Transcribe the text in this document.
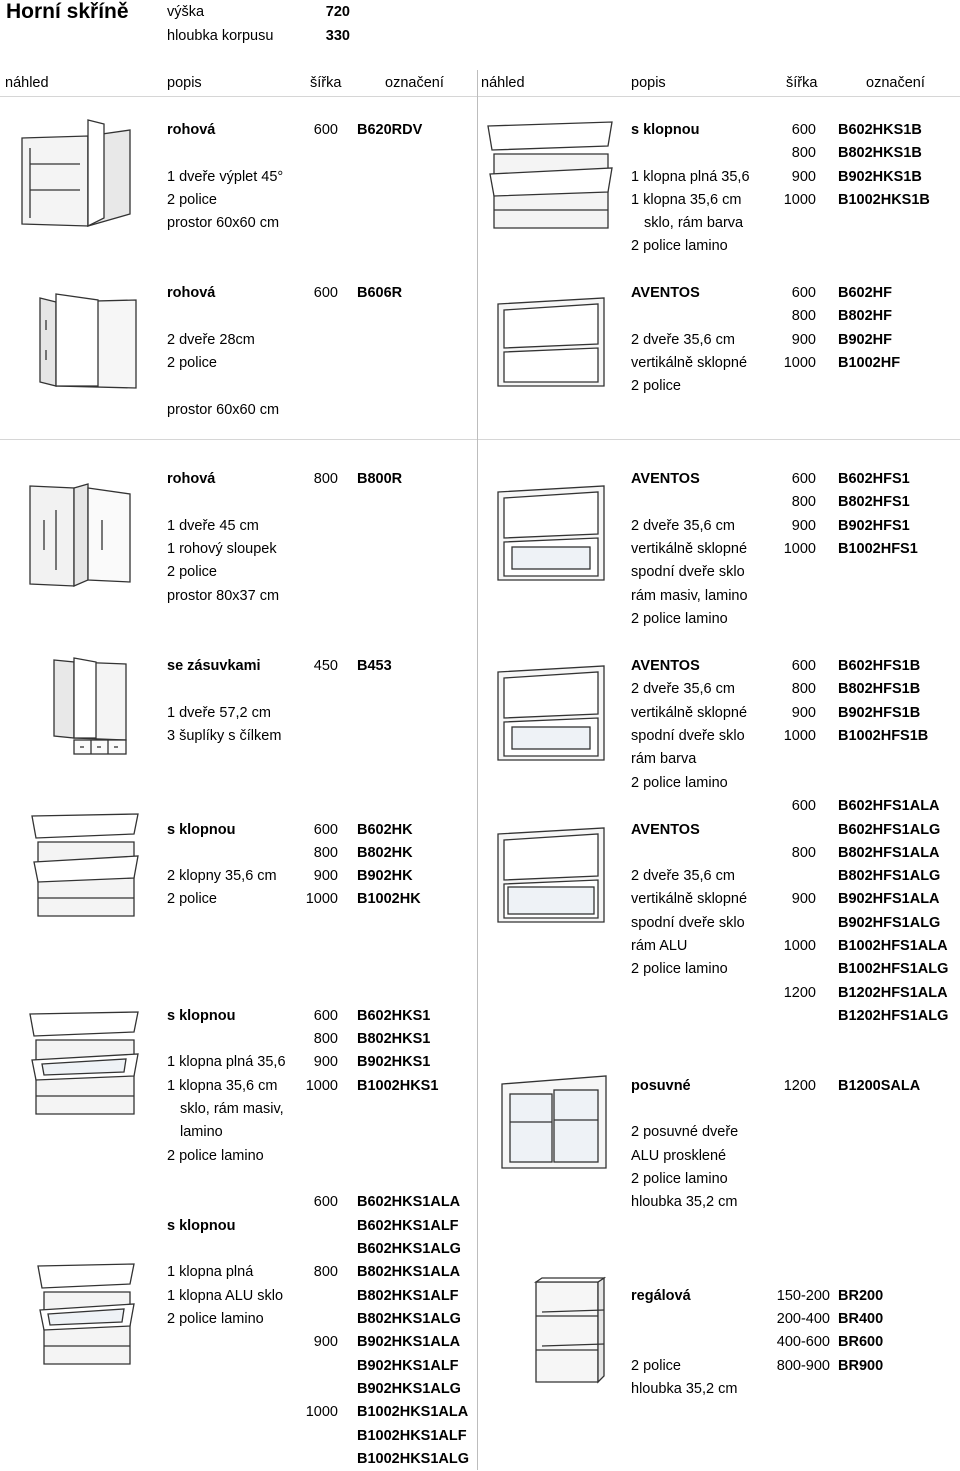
Horní skříně	výška	720
hloubka korpusu	330
náhled	popis	šířka	označení	náhled	popis	šířka	označení
rohová	600 B620RDV
1 dveře výplet 45°
2 police
prostor 60x60 cm
rohová	600 B606R
2 dveře 28cm
2 police
prostor 60x60 cm
rohová	800 B800R
1 dveře 45 cm
1 rohový sloupek
2 police
prostor 80x37 cm
se zásuvkami	450 B453
1 dveře 57,2 cm
3 šuplíky s čílkem
s klopnou	600 B602HK
800 B802HK
2 klopny 35,6 cm	900 B902HK
2 police	1000 B1002HK
s klopnou	600 B602HKS1
800 B802HKS1
1 klopna plná 35,6	900 B902HKS1
1 klopna 35,6 cm	1000 B1002HKS1
sklo, rám masiv,
lamino
2 police lamino
600 B602HKS1ALA
s klopnou	B602HKS1ALF
B602HKS1ALG
1 klopna plná	800 B802HKS1ALA
1 klopna ALU sklo	B802HKS1ALF
2 police lamino	B802HKS1ALG
900 B902HKS1ALA
B902HKS1ALF
B902HKS1ALG
1000 B1002HKS1ALA
B1002HKS1ALF
B1002HKS1ALG
s klopnou	600 B602HKS1B
800 B802HKS1B
1 klopna plná 35,6	900 B902HKS1B
1 klopna 35,6 cm	1000 B1002HKS1B
sklo, rám barva
2 police lamino
AVENTOS	600 B602HF
800 B802HF
2 dveře 35,6 cm	900 B902HF
vertikálně sklopné	1000 B1002HF
2 police
AVENTOS	600 B602HFS1
800 B802HFS1
2 dveře 35,6 cm	900 B902HFS1
vertikálně sklopné	1000 B1002HFS1
spodní dveře sklo
rám masiv, lamino
2 police lamino
AVENTOS	600 B602HFS1B
2 dveře 35,6 cm	800 B802HFS1B
vertikálně sklopné	900 B902HFS1B
spodní dveře sklo	1000 B1002HFS1B
rám barva
2 police lamino
600 B602HFS1ALA
AVENTOS	B602HFS1ALG
800 B802HFS1ALA
2 dveře 35,6 cm	B802HFS1ALG
vertikálně sklopné	900 B902HFS1ALA
spodní dveře sklo	B902HFS1ALG
rám ALU	1000 B1002HFS1ALA
2 police lamino	B1002HFS1ALG
1200 B1202HFS1ALA
B1202HFS1ALG
posuvné	1200 B1200SALA
2 posuvné dveře
ALU prosklené
2 police lamino
hloubka 35,2 cm
regálová	150-200 BR200
200-400 BR400
400-600 BR600
2 police	800-900 BR900
hloubka 35,2 cm
